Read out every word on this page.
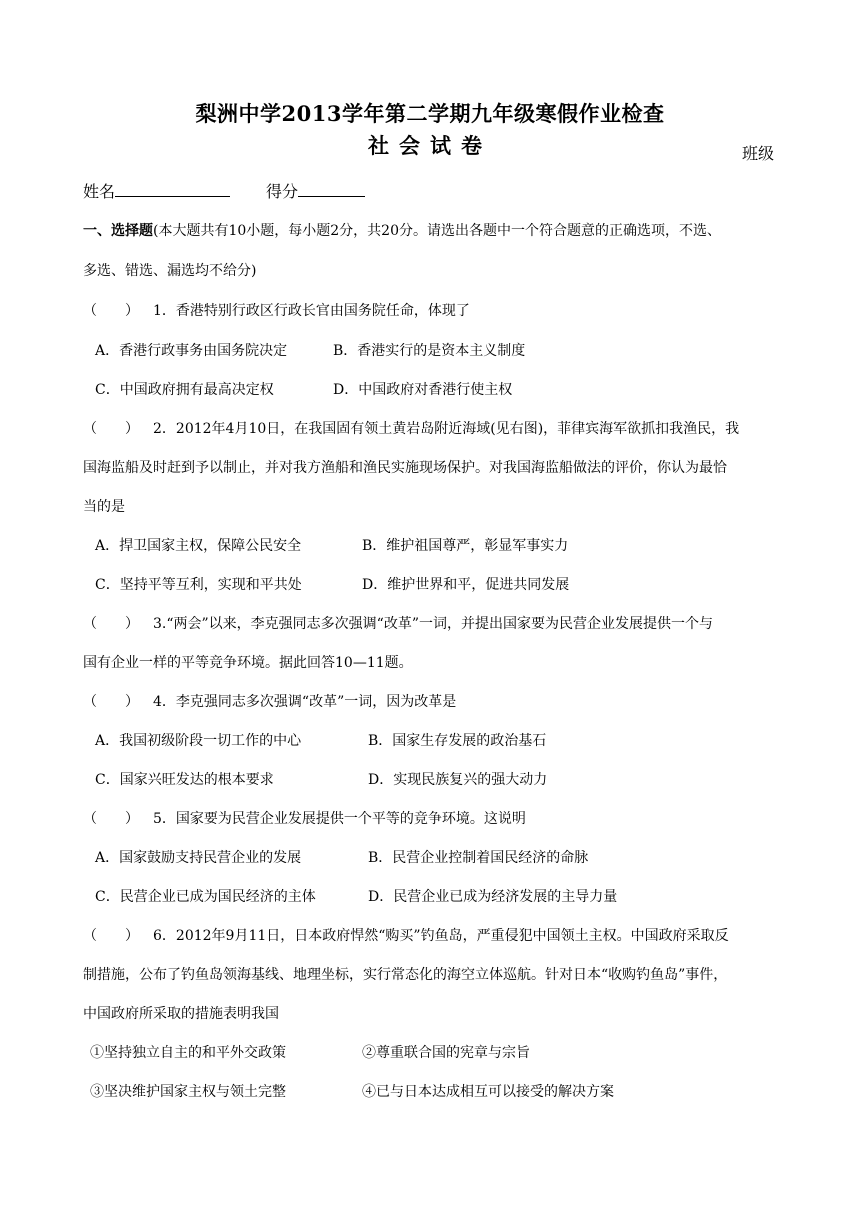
梨洲中学2013学年第二学期九年级寒假作业检查
社会试卷	班级
姓名	得分
一、选择题(本大题共有10小题，每小题2分，共20分。请选出各题中一个符合题意的正确选项，不选、
多选、错选、漏选均不给分)
（　　） 1．香港特别行政区行政长官由国务院任命，体现了
A．香港行政事务由国务院决定	B．香港实行的是资本主义制度
C．中国政府拥有最高决定权	D．中国政府对香港行使主权
（　　） 2．2012年4月10日，在我国固有领土黄岩岛附近海域(见右图)，菲律宾海军欲抓扣我渔民，我
国海监船及时赶到予以制止，并对我方渔船和渔民实施现场保护。对我国海监船做法的评价，你认为最恰
当的是
A．捍卫国家主权，保障公民安全	B．维护祖国尊严，彰显军事实力
C．坚持平等互利，实现和平共处	D．维护世界和平，促进共同发展
（　　） 3.“两会”以来，李克强同志多次强调“改革”一词，并提出国家要为民营企业发展提供一个与
国有企业一样的平等竞争环境。据此回答10—11题。
（　　） 4．李克强同志多次强调“改革”一词，因为改革是
A．我国初级阶段一切工作的中心	B．国家生存发展的政治基石
C．国家兴旺发达的根本要求	D．实现民族复兴的强大动力
（　　） 5．国家要为民营企业发展提供一个平等的竞争环境。这说明
A．国家鼓励支持民营企业的发展	B．民营企业控制着国民经济的命脉
C．民营企业已成为国民经济的主体	D．民营企业已成为经济发展的主导力量
（　　） 6．2012年9月11日，日本政府悍然“购买”钓鱼岛，严重侵犯中国领土主权。中国政府采取反
制措施，公布了钓鱼岛领海基线、地理坐标，实行常态化的海空立体巡航。针对日本“收购钓鱼岛”事件，
中国政府所采取的措施表明我国
①坚持独立自主的和平外交政策	②尊重联合国的宪章与宗旨
③坚决维护国家主权与领土完整	④已与日本达成相互可以接受的解决方案
